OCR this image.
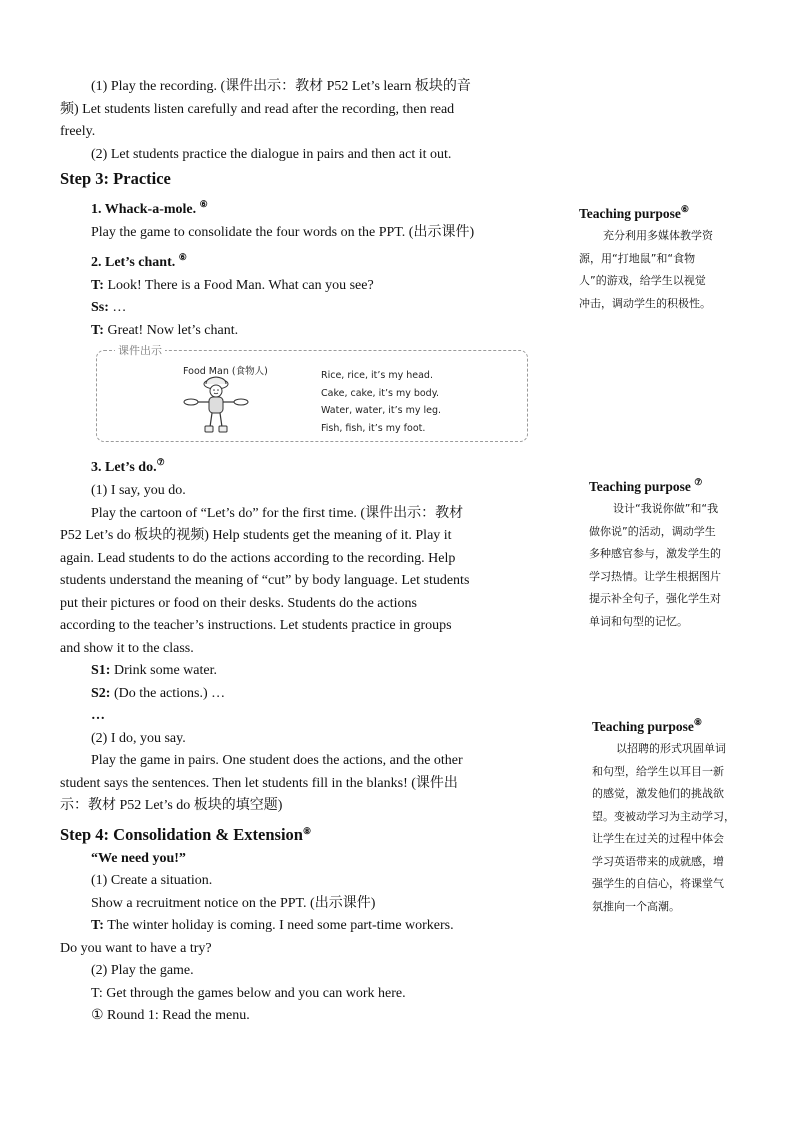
(1) Play the recording. (课件出示：教材 P52 Let’s learn 板块的音

频) Let students listen carefully and read after the recording, then read

freely.

(2) Let students practice the dialogue in pairs and then act it out.

Step 3: Practice

1. Whack-a-mole. ⑥

Play the game to consolidate the four words on the PPT. (出示课件)

2. Let’s chant. ⑥

T: Look! There is a Food Man. What can you see?

Ss: …

T: Great! Now let’s chant.

课件出示
Food Man (食物人)	Rice, rice, it’s my head.
Cake, cake, it’s my body.
Water, water, it’s my leg.
Fish, fish, it’s my foot.

3. Let’s do.⑦

(1) I say, you do.

Play the cartoon of “Let’s do” for the first time. (课件出示：教材

P52 Let’s do 板块的视频) Help students get the meaning of it. Play it

again. Lead students to do the actions according to the recording. Help

students understand the meaning of “cut” by body language. Let students

put their pictures or food on their desks. Students do the actions

according to the teacher’s instructions. Let students practice in groups

and show it to the class.

S1: Drink some water.

S2: (Do the actions.) …

…

(2) I do, you say.

Play the game in pairs. One student does the actions, and the other

student says the sentences. Then let students fill in the blanks! (课件出

示：教材 P52 Let’s do 板块的填空题)

Step 4: Consolidation & Extension⑧

“We need you!”

(1) Create a situation.

Show a recruitment notice on the PPT. (出示课件)

T: The winter holiday is coming. I need some part-time workers.

Do you want to have a try?

(2) Play the game.

T: Get through the games below and you can work here.

① Round 1: Read the menu.

Teaching purpose⑥
充分利用多媒体教学资
源，用“打地鼠”和“食物
人”的游戏，给学生以视觉
冲击，调动学生的积极性。
Teaching purpose ⑦
设计“我说你做”和“我
做你说”的活动，调动学生
多种感官参与，激发学生的
学习热情。让学生根据图片
提示补全句子，强化学生对
单词和句型的记忆。
Teaching purpose⑧
以招聘的形式巩固单词
和句型，给学生以耳目一新
的感觉，激发他们的挑战欲
望。变被动学习为主动学习，
让学生在过关的过程中体会
学习英语带来的成就感，增
强学生的自信心，将课堂气
氛推向一个高潮。
